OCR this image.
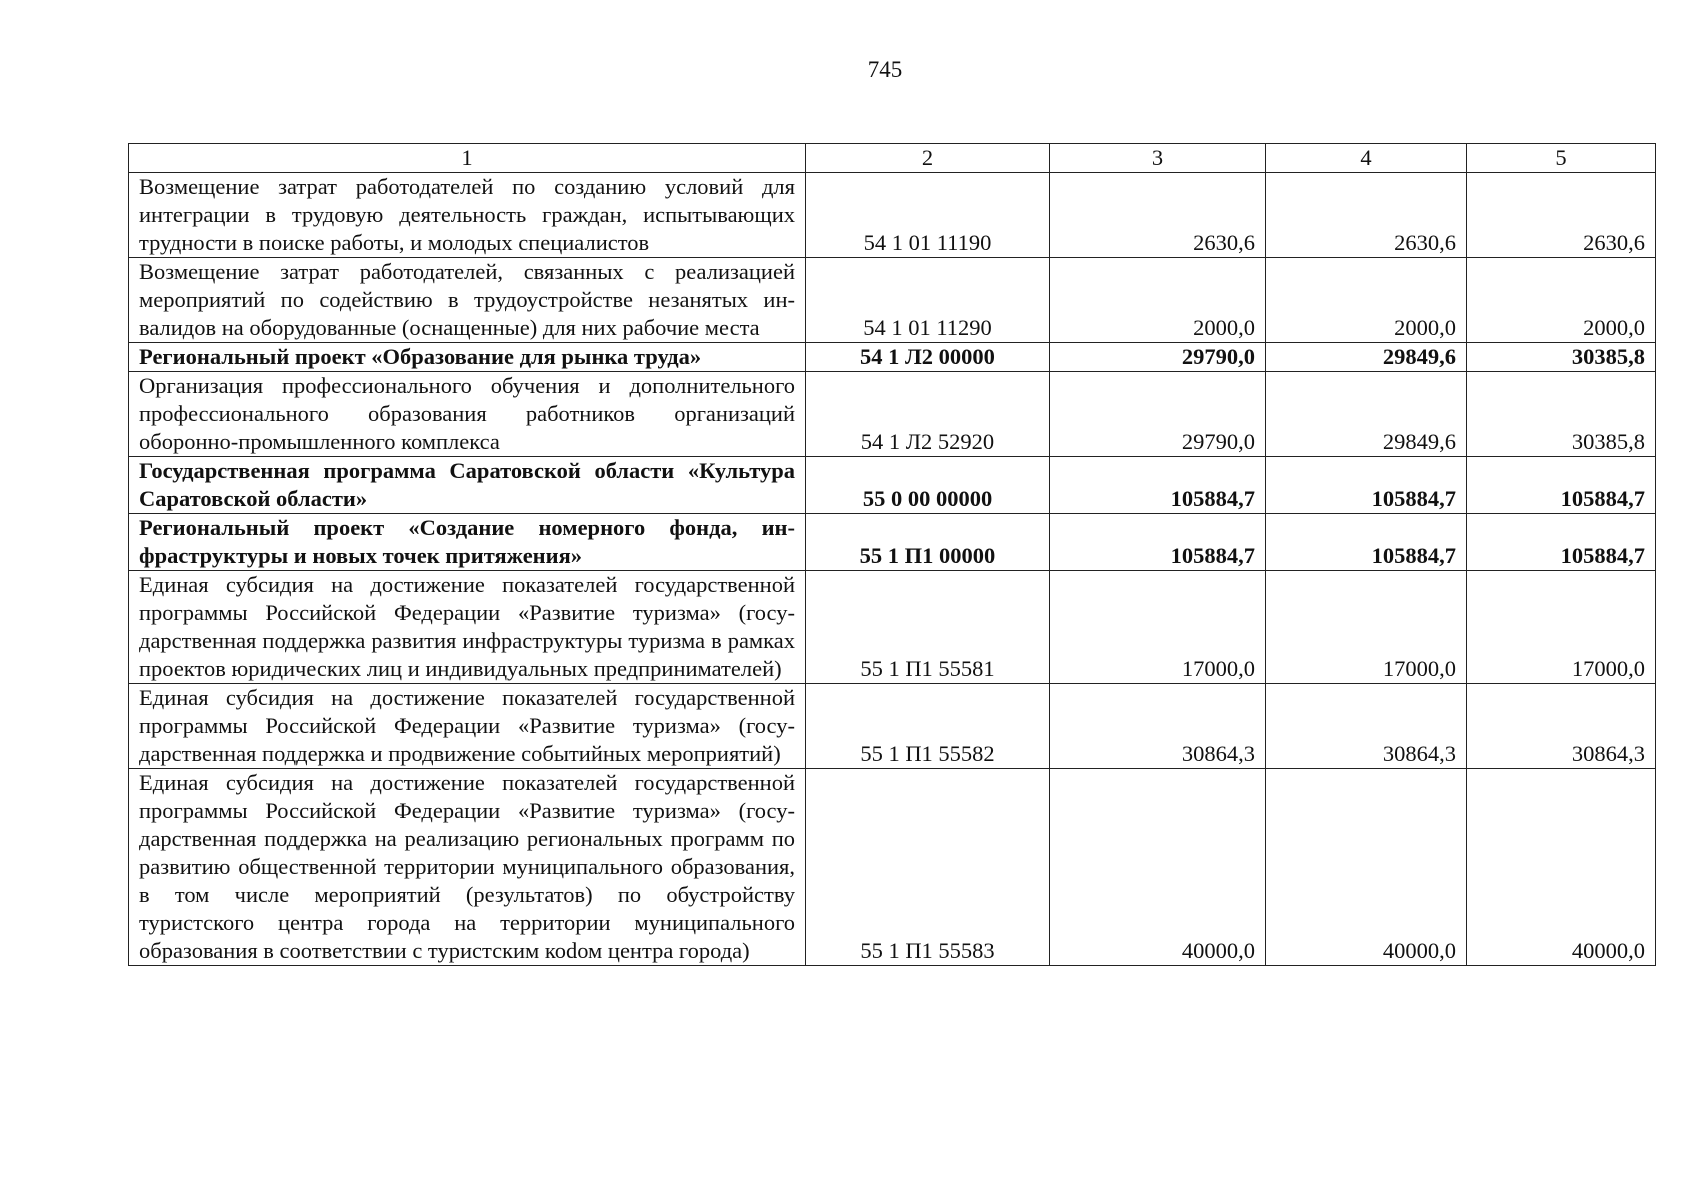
745
1	2	3	4	5
Возмещение затрат работодателей по созданию условий для интеграции в трудовую деятельность граждан, испытывающих трудности в поиске работы, и молодых специалистов	54 1 01 11190	2630,6	2630,6	2630,6
Возмещение затрат работодателей, связанных с реализацией мероприятий по содействию в трудоустройстве незанятых инвалидов на оборудованные (оснащенные) для них рабочие места	54 1 01 11290	2000,0	2000,0	2000,0
Региональный проект «Образование для рынка труда»	54 1 Л2 00000	29790,0	29849,6	30385,8
Организация профессионального обучения и дополнительного профессионального образования работников организаций оборонно-промышленного комплекса	54 1 Л2 52920	29790,0	29849,6	30385,8
Государственная программа Саратовской области «Культура Саратовской области»	55 0 00 00000	105884,7	105884,7	105884,7
Региональный проект «Создание номерного фонда, инфраструктуры и новых точек притяжения»	55 1 П1 00000	105884,7	105884,7	105884,7
Единая субсидия на достижение показателей государственной программы Российской Федерации «Развитие туризма» (государственная поддержка развития инфраструктуры туризма в рамках проектов юридических лиц и индивидуальных предпринимателей)	55 1 П1 55581	17000,0	17000,0	17000,0
Единая субсидия на достижение показателей государственной программы Российской Федерации «Развитие туризма» (государственная поддержка и продвижение событийных мероприятий)	55 1 П1 55582	30864,3	30864,3	30864,3
Единая субсидия на достижение показателей государственной программы Российской Федерации «Развитие туризма» (государственная поддержка на реализацию региональных программ по развитию общественной территории муниципального образования, в том числе мероприятий (результатов) по обустройству туристского центра города на территории муниципального образования в соответствии с туристским коdом центра города)	55 1 П1 55583	40000,0	40000,0	40000,0
